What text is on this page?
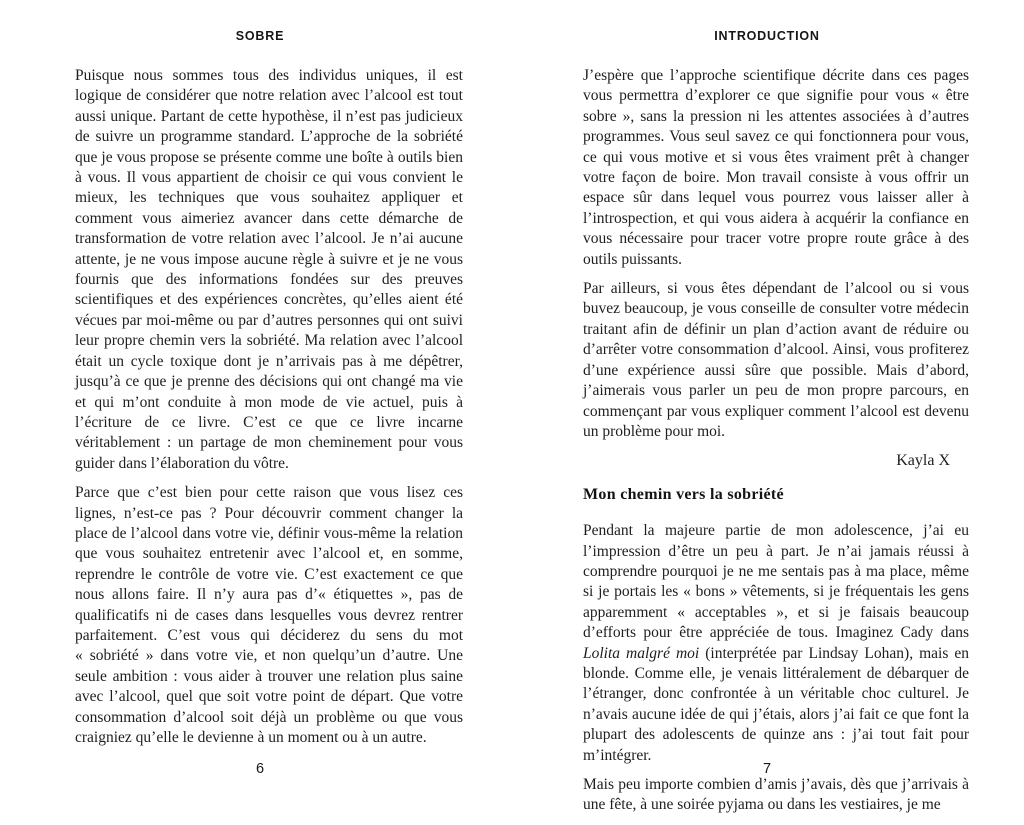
SOBRE

Puisque nous sommes tous des individus uniques, il est logique de considérer que notre relation avec l’alcool est tout aussi unique. Partant de cette hypothèse, il n’est pas judicieux de suivre un programme standard. L’approche de la sobriété que je vous propose se présente comme une boîte à outils bien à vous. Il vous appartient de choisir ce qui vous convient le mieux, les techniques que vous souhaitez appliquer et comment vous aimeriez avancer dans cette démarche de transformation de votre relation avec l’alcool. Je n’ai aucune attente, je ne vous impose aucune règle à suivre et je ne vous fournis que des informations fondées sur des preuves scientifiques et des expériences concrètes, qu’elles aient été vécues par moi-même ou par d’autres personnes qui ont suivi leur propre chemin vers la sobriété. Ma relation avec l’alcool était un cycle toxique dont je n’arrivais pas à me dépêtrer, jusqu’à ce que je prenne des décisions qui ont changé ma vie et qui m’ont conduite à mon mode de vie actuel, puis à l’écriture de ce livre. C’est ce que ce livre incarne véritablement : un partage de mon cheminement pour vous guider dans l’élaboration du vôtre.

Parce que c’est bien pour cette raison que vous lisez ces lignes, n’est-ce pas ? Pour découvrir comment changer la place de l’alcool dans votre vie, définir vous-même la relation que vous souhaitez entretenir avec l’alcool et, en somme, reprendre le contrôle de votre vie. C’est exactement ce que nous allons faire. Il n’y aura pas d’« étiquettes », pas de qualificatifs ni de cases dans lesquelles vous devrez rentrer parfaitement. C’est vous qui déciderez du sens du mot « sobriété » dans votre vie, et non quelqu’un d’autre. Une seule ambition : vous aider à trouver une relation plus saine avec l’alcool, quel que soit votre point de départ. Que votre consommation d’alcool soit déjà un problème ou que vous craigniez qu’elle le devienne à un moment ou à un autre.

6
INTRODUCTION

J’espère que l’approche scientifique décrite dans ces pages vous permettra d’explorer ce que signifie pour vous « être sobre », sans la pression ni les attentes associées à d’autres programmes. Vous seul savez ce qui fonctionnera pour vous, ce qui vous motive et si vous êtes vraiment prêt à changer votre façon de boire. Mon travail consiste à vous offrir un espace sûr dans lequel vous pourrez vous laisser aller à l’introspection, et qui vous aidera à acquérir la confiance en vous nécessaire pour tracer votre propre route grâce à des outils puissants.

Par ailleurs, si vous êtes dépendant de l’alcool ou si vous buvez beaucoup, je vous conseille de consulter votre médecin traitant afin de définir un plan d’action avant de réduire ou d’arrêter votre consommation d’alcool. Ainsi, vous profiterez d’une expérience aussi sûre que possible. Mais d’abord, j’aimerais vous parler un peu de mon propre parcours, en commençant par vous expliquer comment l’alcool est devenu un problème pour moi.

Kayla X
Mon chemin vers la sobriété

Pendant la majeure partie de mon adolescence, j’ai eu l’impression d’être un peu à part. Je n’ai jamais réussi à comprendre pourquoi je ne me sentais pas à ma place, même si je portais les « bons » vêtements, si je fréquentais les gens apparemment « acceptables », et si je faisais beaucoup d’efforts pour être appréciée de tous. Imaginez Cady dans Lolita malgré moi (interprétée par Lindsay Lohan), mais en blonde. Comme elle, je venais littéralement de débarquer de l’étranger, donc confrontée à un véritable choc culturel. Je n’avais aucune idée de qui j’étais, alors j’ai fait ce que font la plupart des adolescents de quinze ans : j’ai tout fait pour m’intégrer.

Mais peu importe combien d’amis j’avais, dès que j’arrivais à une fête, à une soirée pyjama ou dans les vestiaires, je me

7
